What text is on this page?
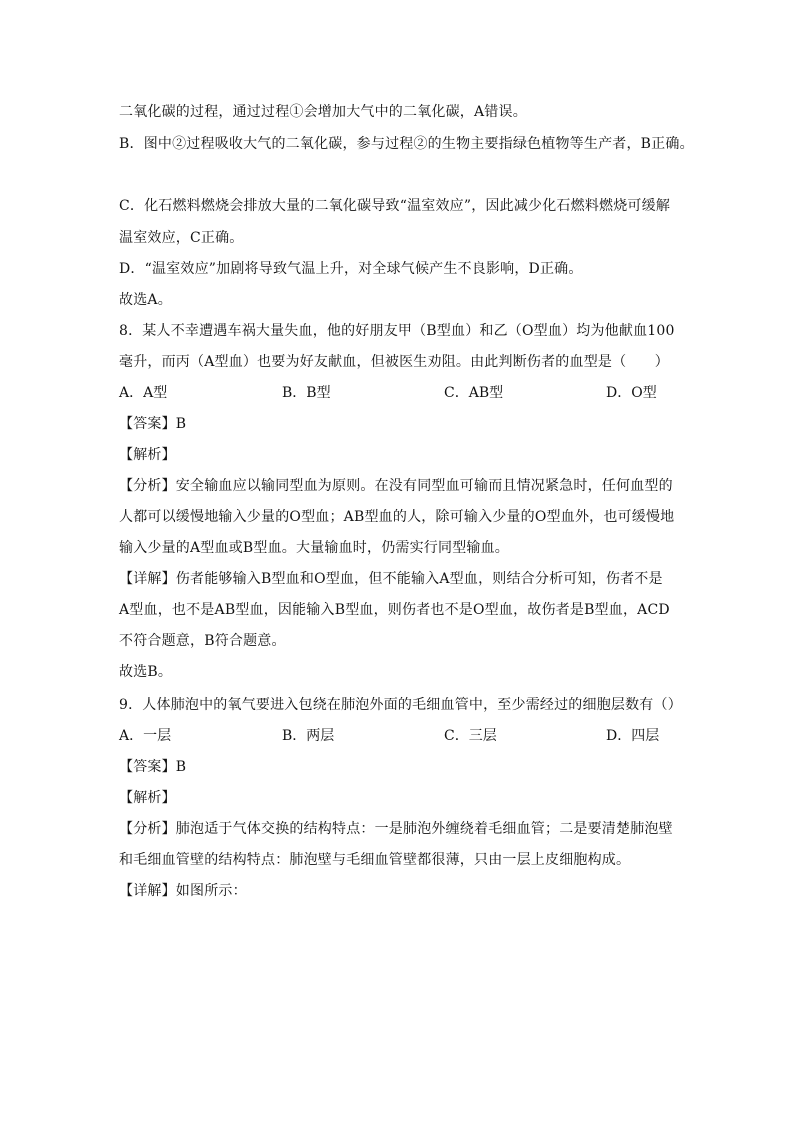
二氧化碳的过程，通过过程①会增加大气中的二氧化碳，A错误。
B．图中②过程吸收大气的二氧化碳，参与过程②的生物主要指绿色植物等生产者，B正确。
C．化石燃料燃烧会排放大量的二氧化碳导致“温室效应”，因此减少化石燃料燃烧可缓解
温室效应，C正确。
D．“温室效应”加剧将导致气温上升，对全球气候产生不良影响，D正确。
故选A。
8．某人不幸遭遇车祸大量失血，他的好朋友甲（B型血）和乙（O型血）均为他献血100
毫升，而丙（A型血）也要为好友献血，但被医生劝阻。由此判断伤者的血型是（　　）
A．A型	B．B型	C．AB型	D．O型
【答案】B
【解析】
【分析】安全输血应以输同型血为原则。在没有同型血可输而且情况紧急时，任何血型的
人都可以缓慢地输入少量的O型血；AB型血的人，除可输入少量的O型血外，也可缓慢地
输入少量的A型血或B型血。大量输血时，仍需实行同型输血。
【详解】伤者能够输入B型血和O型血，但不能输入A型血，则结合分析可知，伤者不是
A型血，也不是AB型血，因能输入B型血，则伤者也不是O型血，故伤者是B型血，ACD
不符合题意，B符合题意。
故选B。
9．人体肺泡中的氧气要进入包绕在肺泡外面的毛细血管中，至少需经过的细胞层数有（）
A．一层	B．两层	C．三层	D．四层
【答案】B
【解析】
【分析】肺泡适于气体交换的结构特点：一是肺泡外缠绕着毛细血管；二是要清楚肺泡壁
和毛细血管壁的结构特点：肺泡壁与毛细血管壁都很薄，只由一层上皮细胞构成。
【详解】如图所示：
